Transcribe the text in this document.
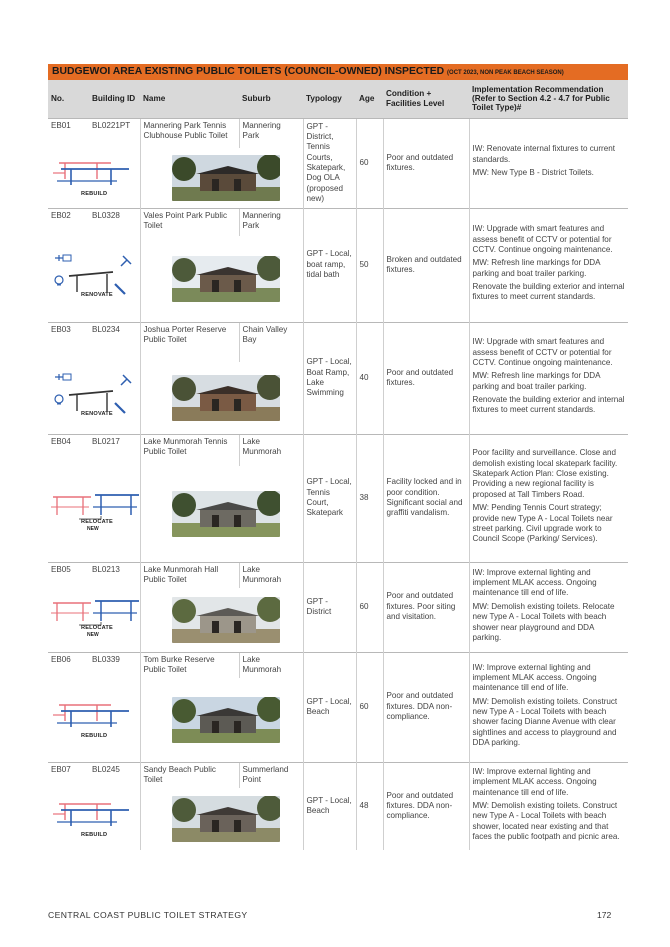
BUDGEWOI AREA EXISTING PUBLIC TOILETS (COUNCIL-OWNED) INSPECTED (OCT 2023, NON PEAK BEACH SEASON)
No.	Building ID	Name	Suburb	Typology	Age	Condition + Facilities Level	Implementation Recommendation (Refer to Section 4.2 - 4.7 for Public Toilet Type)#
EB01	BL0221PT	Mannering Park Tennis Clubhouse Public Toilet	Mannering Park	GPT - District, Tennis Courts, Skatepark, Dog OLA (proposed new)	60	Poor and outdated fixtures.	IW: Renovate internal fixtures to current standards.

MW: New Type B - District Toilets.

REBUILD

EB02	BL0328	Vales Point Park Public Toilet	Mannering Park	GPT - Local, boat ramp, tidal bath	50	Broken and outdated fixtures.	IW: Upgrade with smart features and assess benefit of CCTV or potential for CCTV. Continue ongoing maintenance.

MW: Refresh line markings for DDA parking and boat trailer parking.

Renovate the building exterior and internal fixtures to meet current standards.

RENOVATE

EB03	BL0234	Joshua Porter Reserve Public Toilet	Chain Valley Bay	GPT - Local, Boat Ramp, Lake Swimming	40	Poor and outdated fixtures.	IW: Upgrade with smart features and assess benefit of CCTV or potential for CCTV. Continue ongoing maintenance.

MW: Refresh line markings for DDA parking and boat trailer parking.

Renovate the building exterior and internal fixtures to meet current standards.

RENOVATE

EB04	BL0217	Lake Munmorah Tennis Public Toilet	Lake Munmorah	GPT - Local, Tennis Court, Skatepark	38	Facility locked and in poor condition. Significant social and graffiti vandalism.	Poor facility and surveillance. Close and demolish existing local skatepark facility. Skatepark Action Plan: Close existing. Providing a new regional facility is proposed at Tall Timbers Road.

MW: Pending Tennis Court strategy; provide new Type A - Local Toilets near street parking. Civil upgrade work to Council Scope (Parking/ Services).

RELOCATE
NEW

EB05	BL0213	Lake Munmorah Hall Public Toilet	Lake Munmorah	GPT - District	60	Poor and outdated fixtures. Poor siting and visitation.	IW: Improve external lighting and implement MLAK access. Ongoing maintenance till end of life.

MW: Demolish existing toilets. Relocate new Type A - Local Toilets with beach shower near playground and DDA parking.

RELOCATE
NEW

EB06	BL0339	Tom Burke Reserve Public Toilet	Lake Munmorah	GPT - Local, Beach	60	Poor and outdated fixtures. DDA non-compliance.	IW: Improve external lighting and implement MLAK access. Ongoing maintenance till end of life.

MW: Demolish existing toilets. Construct new Type A - Local Toilets with beach shower facing Dianne Avenue with clear sightlines and access to playground and DDA parking.

REBUILD

EB07	BL0245	Sandy Beach Public Toilet	Summerland Point	GPT - Local, Beach	48	Poor and outdated fixtures. DDA non-compliance.	IW: Improve external lighting and implement MLAK access. Ongoing maintenance till end of life.

MW: Demolish existing toilets. Construct new Type A - Local Toilets with beach shower, located near existing and that faces the public footpath and picnic area.

REBUILD

CENTRAL COAST PUBLIC TOILET STRATEGY	172
